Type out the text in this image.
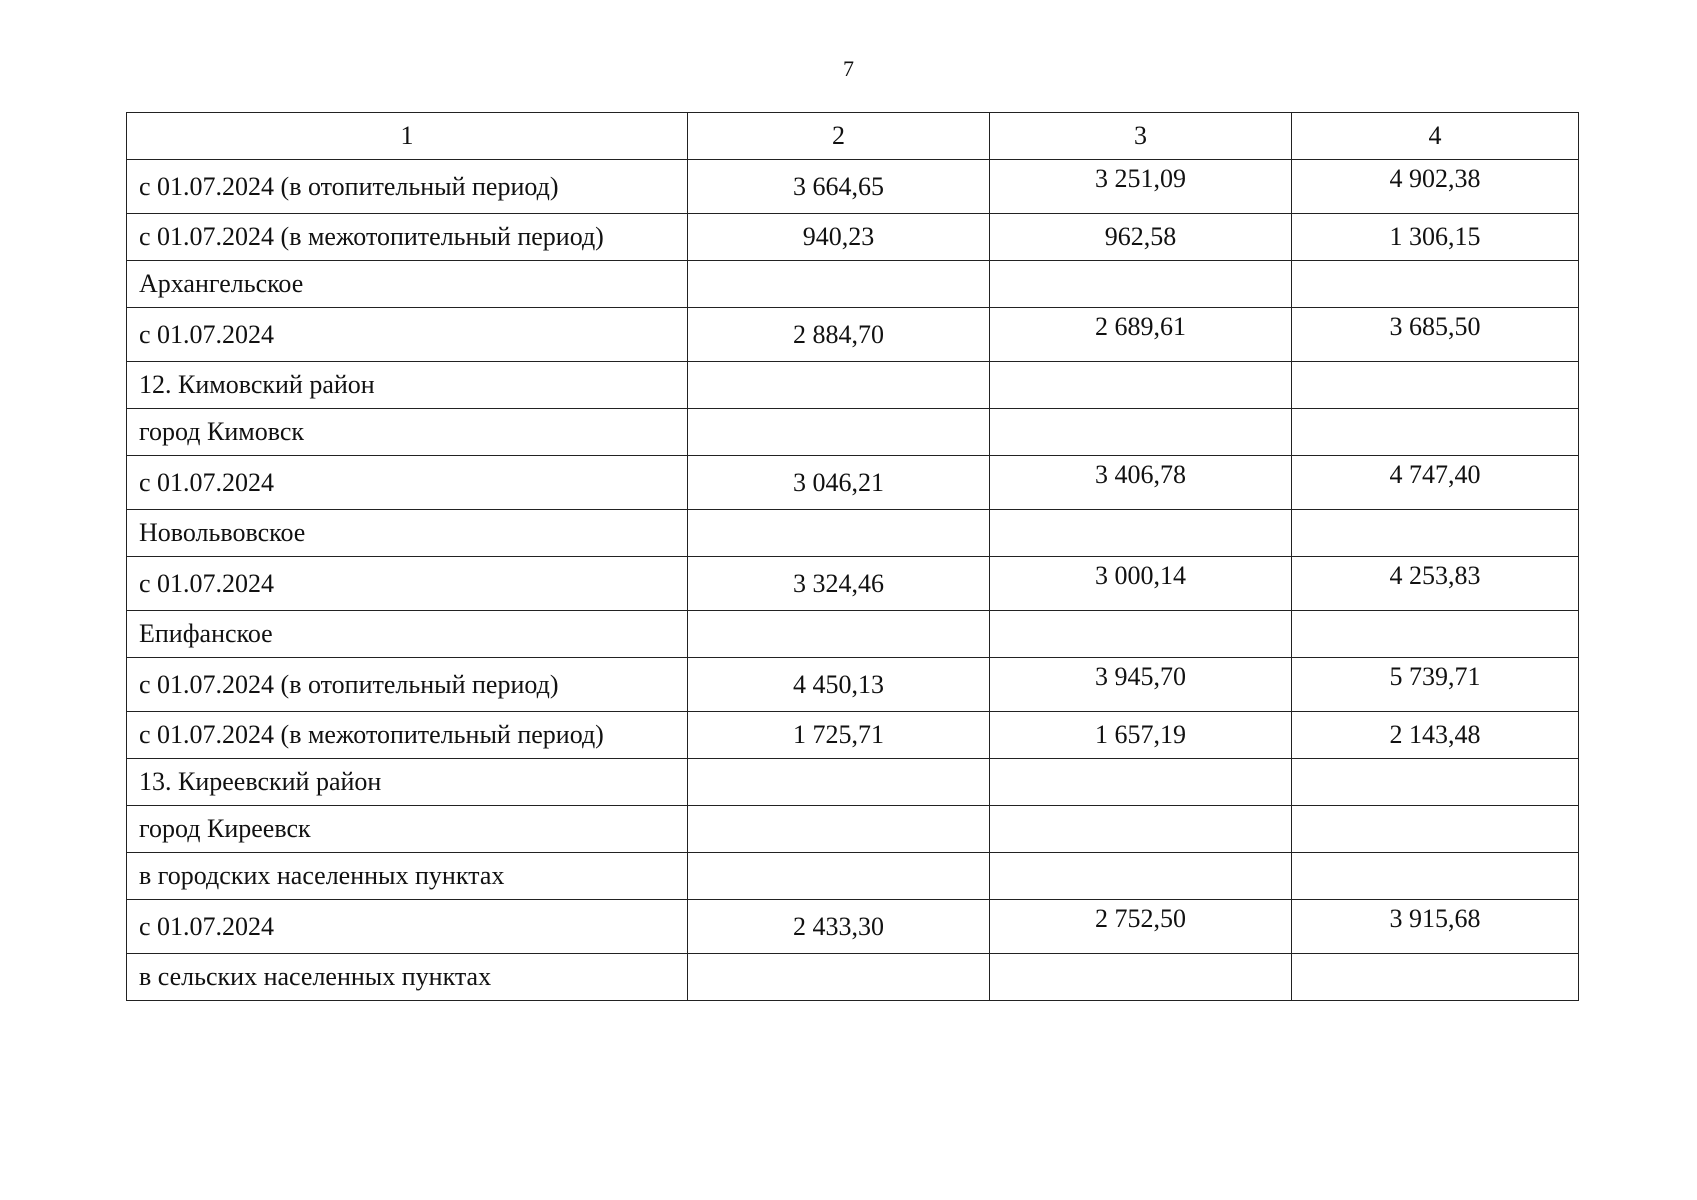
7
1	2	3	4
с 01.07.2024 (в отопительный период)	3 664,65	3 251,09	4 902,38
с 01.07.2024 (в межотопительный период)	940,23	962,58	1 306,15
Архангельское			
с 01.07.2024	2 884,70	2 689,61	3 685,50
12. Кимовский район			
город Кимовск			
с 01.07.2024	3 046,21	3 406,78	4 747,40
Новольвовское			
с 01.07.2024	3 324,46	3 000,14	4 253,83
Епифанское			
с 01.07.2024 (в отопительный период)	4 450,13	3 945,70	5 739,71
с 01.07.2024 (в межотопительный период)	1 725,71	1 657,19	2 143,48
13. Киреевский район			
город Киреевск			
в городских населенных пунктах			
с 01.07.2024	2 433,30	2 752,50	3 915,68
в сельских населенных пунктах			
